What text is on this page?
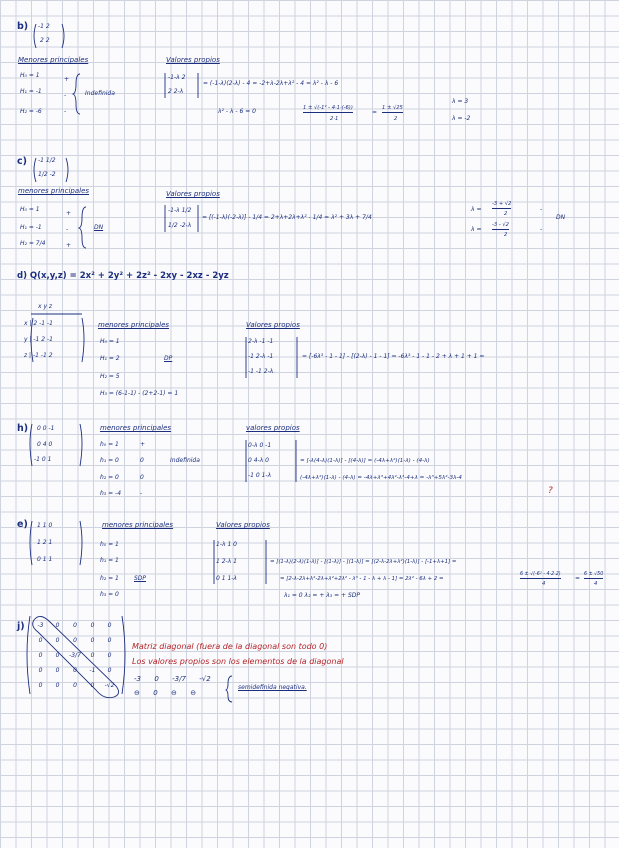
b) -1 2
2 2
Menores principales
H₀ = 1
H₁ = -1
H₂ = -6
+
-
-
Indefinida
Valores propios
-1-λ 2
2 2-λ
= (-1-λ)(2-λ) - 4 = -2+λ-2λ+λ² - 4 = λ² - λ - 6
λ² - λ - 6 = 0	1 ± √(-1² - 4·1·(-6))
2·1
=
1 ± √25
2
λ = 3
λ = -2
c) -1 1/2
1/2 -2
menores principales
H₀ = 1
H₁ = -1
H₂ = 7/4
+
-
+
DN
Valores propios
-1-λ 1/2
1/2 -2-λ
= [(-1-λ)(-2-λ)] - 1/4 = 2+λ+2λ+λ² - 1/4 = λ² + 3λ + 7/4
λ =
-3 + √2
2
λ =
-3 - √2
2
-
-
DN
d) Q(x,y,z) = 2x² + 2y² + 2z² - 2xy - 2xz - 2yz
x y z
x | 2 -1 -1
y | -1 2 -1
z | -1 -1 2
menores principales
H₀ = 1
H₁ = 2
H₂ = 5
H₃ = (6-1-1) - (2+2-1) = 1
DP
Valores propios
2-λ -1 -1
-1 2-λ -1
-1 -1 2-λ
= [-6λ³ - 1 - 1] - [(2-λ) - 1 - 1] = -6λ³ - 1 - 1 - 2 + λ + 1 + 1 =
h) 0 0 -1
0 4 0
-1 0 1
menores principales
h₀ = 1
h₁ = 0
h₂ = 0
h₃ = -4
+
0
0
-
Indefinida
valores propios
0-λ 0 -1
0 4-λ 0
-1 0 1-λ
= [-λ(4-λ)(1-λ)] - [(4-λ)] = (-4λ+λ²)(1-λ) - (4-λ)
(-4λ+λ²)(1-λ) - (4-λ) = -4λ+λ³+4λ²-λ³-4+λ = -λ³+5λ²-3λ-4
?
e) 1 1 0
1 2 1
0 1 1
menores principales
h₀ = 1
h₁ = 1
h₂ = 1
h₃ = 0
SDP
Valores propios
1-λ 1 0
1 2-λ 1
0 1 1-λ
= [(1-λ)(2-λ)(1-λ)] - [(1-λ)] - [(1-λ)] = [(2-λ-2λ+λ²)(1-λ)] - [-1+λ+1] =
= [2-λ-2λ+λ²-2λ+λ²+2λ² - λ³ - 1 - λ + λ - 1] = 2λ² - 6λ + 2 =
6 ± √(-6² - 4·2·2)
4
=
6 ± √50
4
λ₁ = 0 λ₂ = + λ₃ = + SDP
j) -3	0	0	0	0
0	0	0	0	0
0	0	-3/7	0	0
0	0	0	-1	0
0	0	0	0	-√2
Matriz diagonal (fuera de la diagonal son todo 0)
Los valores propios son los elementos de la diagonal
-3      0      -3/7      -√2
⊖      0      ⊖      ⊖
semidefinida negativa.
